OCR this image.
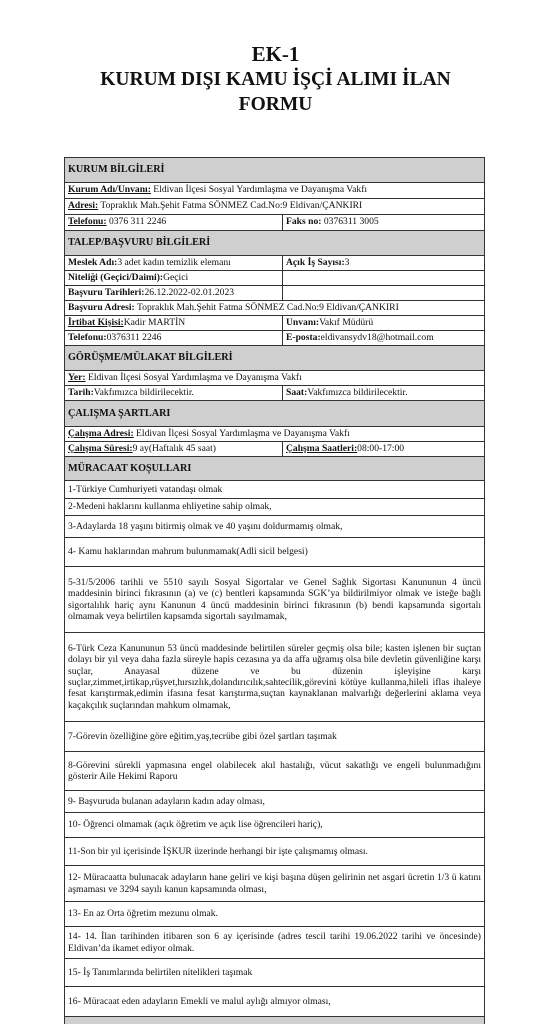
EK-1
KURUM DIŞI KAMU İŞÇİ ALIMI İLAN
FORMU
KURUM BİLGİLERİ	
Kurum Adı/Unvanı: Eldivan İlçesi Sosyal Yardımlaşma ve Dayanışma Vakfı	
Adresi: Topraklık Mah.Şehit Fatma SÖNMEZ Cad.No:9 Eldivan/ÇANKIRI	
Telefonu: 0376 311 2246	Faks no: 0376311 3005
TALEP/BAŞVURU BİLGİLERİ	
Meslek Adı:3 adet kadın temizlik elemanı	Açık İş Sayısı:3
Niteliği (Geçici/Daimi):Geçici	
Başvuru Tarihleri:26.12.2022-02.01.2023	
Başvuru Adresi: Topraklık Mah.Şehit Fatma SÖNMEZ Cad.No:9 Eldivan/ÇANKIRI	
İrtibat Kişisi:Kadir MARTİN	Unvanı:Vakıf Müdürü
Telefonu:0376311 2246	E-posta:eldivansydv18@hotmail.com
GÖRÜŞME/MÜLAKAT BİLGİLERİ	
Yer: Eldivan İlçesi Sosyal Yardımlaşma ve Dayanışma Vakfı	
Tarih:Vakfımızca bildirilecektir.	Saat:Vakfımızca bildirilecektir.
ÇALIŞMA ŞARTLARI	
Çalışma Adresi: Eldivan İlçesi Sosyal Yardımlaşma ve Dayanışma Vakfı	
Çalışma Süresi:9 ay(Haftalık 45 saat)	Çalışma Saatleri:08:00-17:00
MÜRACAAT KOŞULLARI	
1-Türkiye Cumhuriyeti vatandaşı olmak	
2-Medeni haklarını kullanma ehliyetine sahip olmak,	
3-Adaylarda 18 yaşını bitirmiş olmak ve 40 yaşını doldurmamış olmak,	
4- Kamu haklarından mahrum bulunmamak(Adli sicil belgesi)	
5-31/5/2006 tarihli ve 5510 sayılı Sosyal Sigortalar ve Genel Sağlık Sigortası Kanununun 4 üncü maddesinin birinci fıkrasının (a) ve (c) bentleri kapsamında SGK’ya bildirilmiyor olmak ve isteğe bağlı sigortalılık hariç aynı Kanunun 4 üncü maddesinin birinci fıkrasının (b) bendi kapsamında sigortalı olmamak veya belirtilen kapsamda sigortalı sayılmamak,	
6-Türk Ceza Kanununun 53 üncü maddesinde belirtilen süreler geçmiş olsa bile; kasten işlenen bir suçtan dolayı bir yıl veya daha fazla süreyle hapis cezasına ya da affa uğramış olsa bile devletin güvenliğine karşı suçlar, Anayasal düzene ve bu düzenin işleyişine karşı suçlar,zimmet,irtikap,rüşvet,hırsızlık,dolandırıcılık,sahtecilik,görevini kötüye kullanma,hileli iflas ihaleye fesat karıştırmak,edimin ifasına fesat karıştırma,suçtan kaynaklanan malvarlığı değerlerini aklama veya kaçakçılık suçlarından mahkum olmamak,	
7-Görevin özelliğine göre eğitim,yaş,tecrübe gibi özel şartları taşımak	
8-Görevini sürekli yapmasına engel olabilecek akıl hastalığı, vücut sakatlığı ve engeli bulunmadığını gösterir Aile Hekimi Raporu	
9- Başvuruda bulanan adayların kadın aday olması,	
10- Öğrenci olmamak (açık öğretim ve açık lise öğrencileri hariç),	
11-Son bir yıl içerisinde İŞKUR üzerinde herhangi bir işte çalışmamış olması.	
12- Müracaatta bulunacak adayların hane geliri ve kişi başına düşen gelirinin net asgari ücretin 1/3 ü katını aşmaması ve 3294 sayılı kanun kapsamında olması,	
13- En az Orta öğretim mezunu olmak.	
14- 14. İlan tarihinden itibaren son 6 ay içerisinde (adres tescil tarihi 19.06.2022 tarihi ve öncesinde) Eldivan’da ikamet ediyor olmak.	
15- İş Tanımlarında belirtilen nitelikleri taşımak	
16- Müracaat eden adayların Emekli ve malul aylığı almıyor olması,	
